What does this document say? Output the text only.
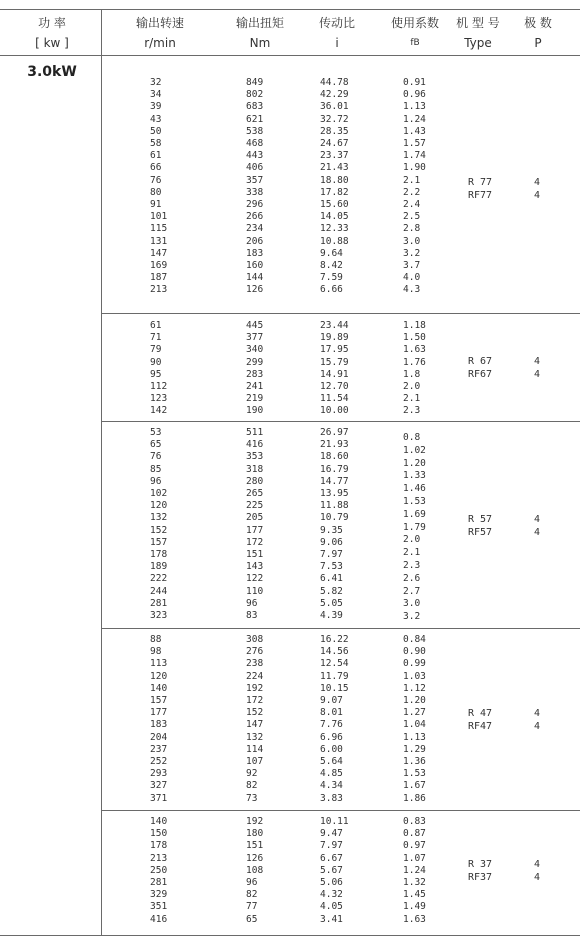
功 率
[ kw ]
输出转速
r/min
输出扭矩
Nm
传动比
i
使用系数
fB
机 型 号
Type
极 数
P
3.0kW
32
34
39
43
50
58
61
66
76
80
91
101
115
131
147
169
187
213
849
802
683
621
538
468
443
406
357
338
296
266
234
206
183
160
144
126
44.78
42.29
36.01
32.72
28.35
24.67
23.37
21.43
18.80
17.82
15.60
14.05
12.33
10.88
9.64
8.42
7.59
6.66
0.91
0.96
1.13
1.24
1.43
1.57
1.74
1.90
2.1
2.2
2.4
2.5
2.8
3.0
3.2
3.7
4.0
4.3
R 77
RF77
4
4
61
71
79
90
95
112
123
142
445
377
340
299
283
241
219
190
23.44
19.89
17.95
15.79
14.91
12.70
11.54
10.00
1.18
1.50
1.63
1.76
1.8
2.0
2.1
2.3
R 67
RF67
4
4
53
65
76
85
96
102
120
132
152
157
178
189
222
244
281
323
511
416
353
318
280
265
225
205
177
172
151
143
122
110
96
83
26.97
21.93
18.60
16.79
14.77
13.95
11.88
10.79
9.35
9.06
7.97
7.53
6.41
5.82
5.05
4.39
0.8
1.02
1.20
1.33
1.46
1.53
1.69
1.79
2.0
2.1
2.3
2.6
2.7
3.0
3.2
R 57
RF57
4
4
88
98
113
120
140
157
177
183
204
237
252
293
327
371
308
276
238
224
192
172
152
147
132
114
107
92
82
73
16.22
14.56
12.54
11.79
10.15
9.07
8.01
7.76
6.96
6.00
5.64
4.85
4.34
3.83
0.84
0.90
0.99
1.03
1.12
1.20
1.27
1.04
1.13
1.29
1.36
1.53
1.67
1.86
R 47
RF47
4
4
140
150
178
213
250
281
329
351
416
192
180
151
126
108
96
82
77
65
10.11
9.47
7.97
6.67
5.67
5.06
4.32
4.05
3.41
0.83
0.87
0.97
1.07
1.24
1.32
1.45
1.49
1.63
R 37
RF37
4
4
